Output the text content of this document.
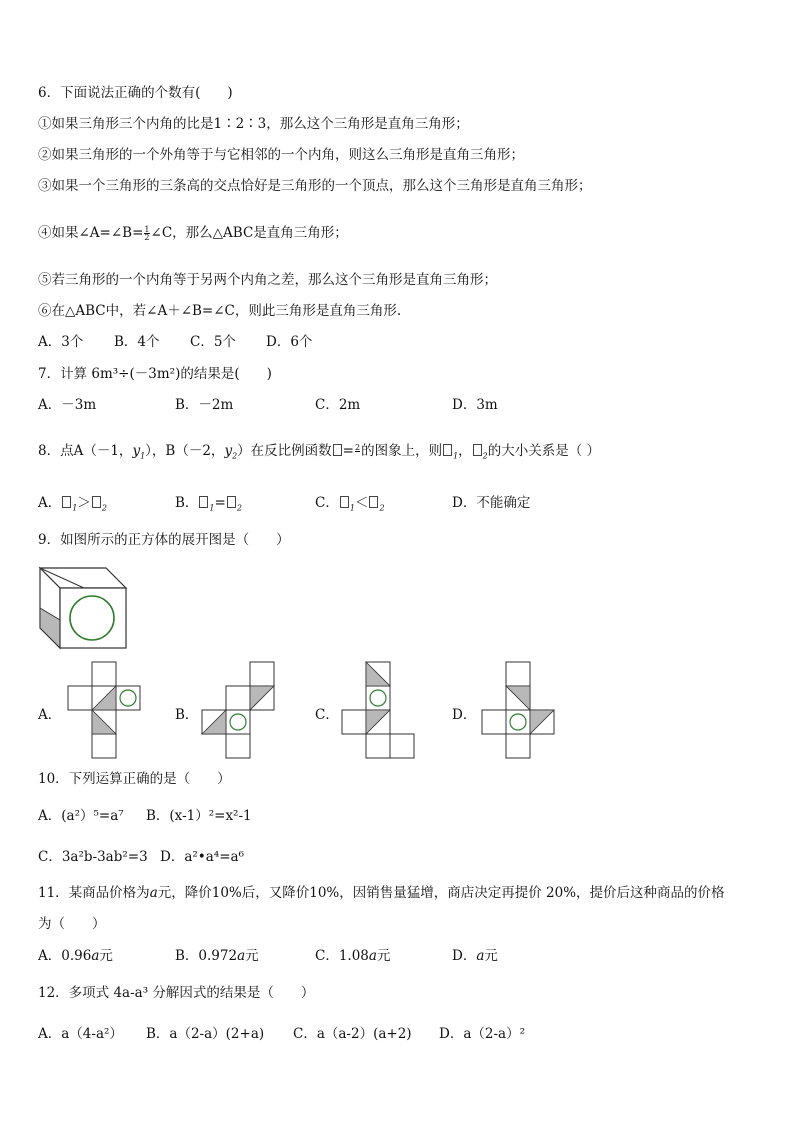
6．下面说法正确的个数有(　　)
①如果三角形三个内角的比是1∶2∶3，那么这个三角形是直角三角形；
②如果三角形的一个外角等于与它相邻的一个内角，则这么三角形是直角三角形；
③如果一个三角形的三条高的交点恰好是三角形的一个顶点，那么这个三角形是直角三角形；
④如果∠A=∠B= $\frac{1}{2}$ ∠C，那么△ABC是直角三角形；
⑤若三角形的一个内角等于另两个内角之差，那么这个三角形是直角三角形；
⑥在△ABC中，若∠A＋∠B=∠C，则此三角形是直角三角形.
A．3个 B．4个 C．5个 D．6个
7．计算 6m³÷(－3m²)的结果是(　　)
A．－3m	B．－2m	C．2m	D．3m
8．点A（－1，$y_1$），B（－2，$y_2$）在反比例函数 = 2 的图象上，则 $_1$， $_2$的大小关系是（ ）
A． $_1$＞ $_2$	B． $_1$= $_2$	C． $_1$＜ $_2$	D．不能确定
9．如图所示的正方体的展开图是（　　）
A．	B．	C．	D．
10．下列运算正确的是（　　）
A．(a²）⁵=a⁷ B．(x-1）²=x²-1
C．3a²b-3ab²=3 D．a²•a⁴=a⁶
11．某商品价格为a元，降价10%后，又降价10%，因销售量猛增，商店决定再提价 20%，提价后这种商品的价格
为（　　）
A．0.96a元	B．0.972a元	C．1.08a元	D．a元
12．多项式 4a-a³ 分解因式的结果是（　　）
A．a（4-a²） B．a（2-a）(2+a) C．a（a-2）(a+2) D．a（2-a）²
